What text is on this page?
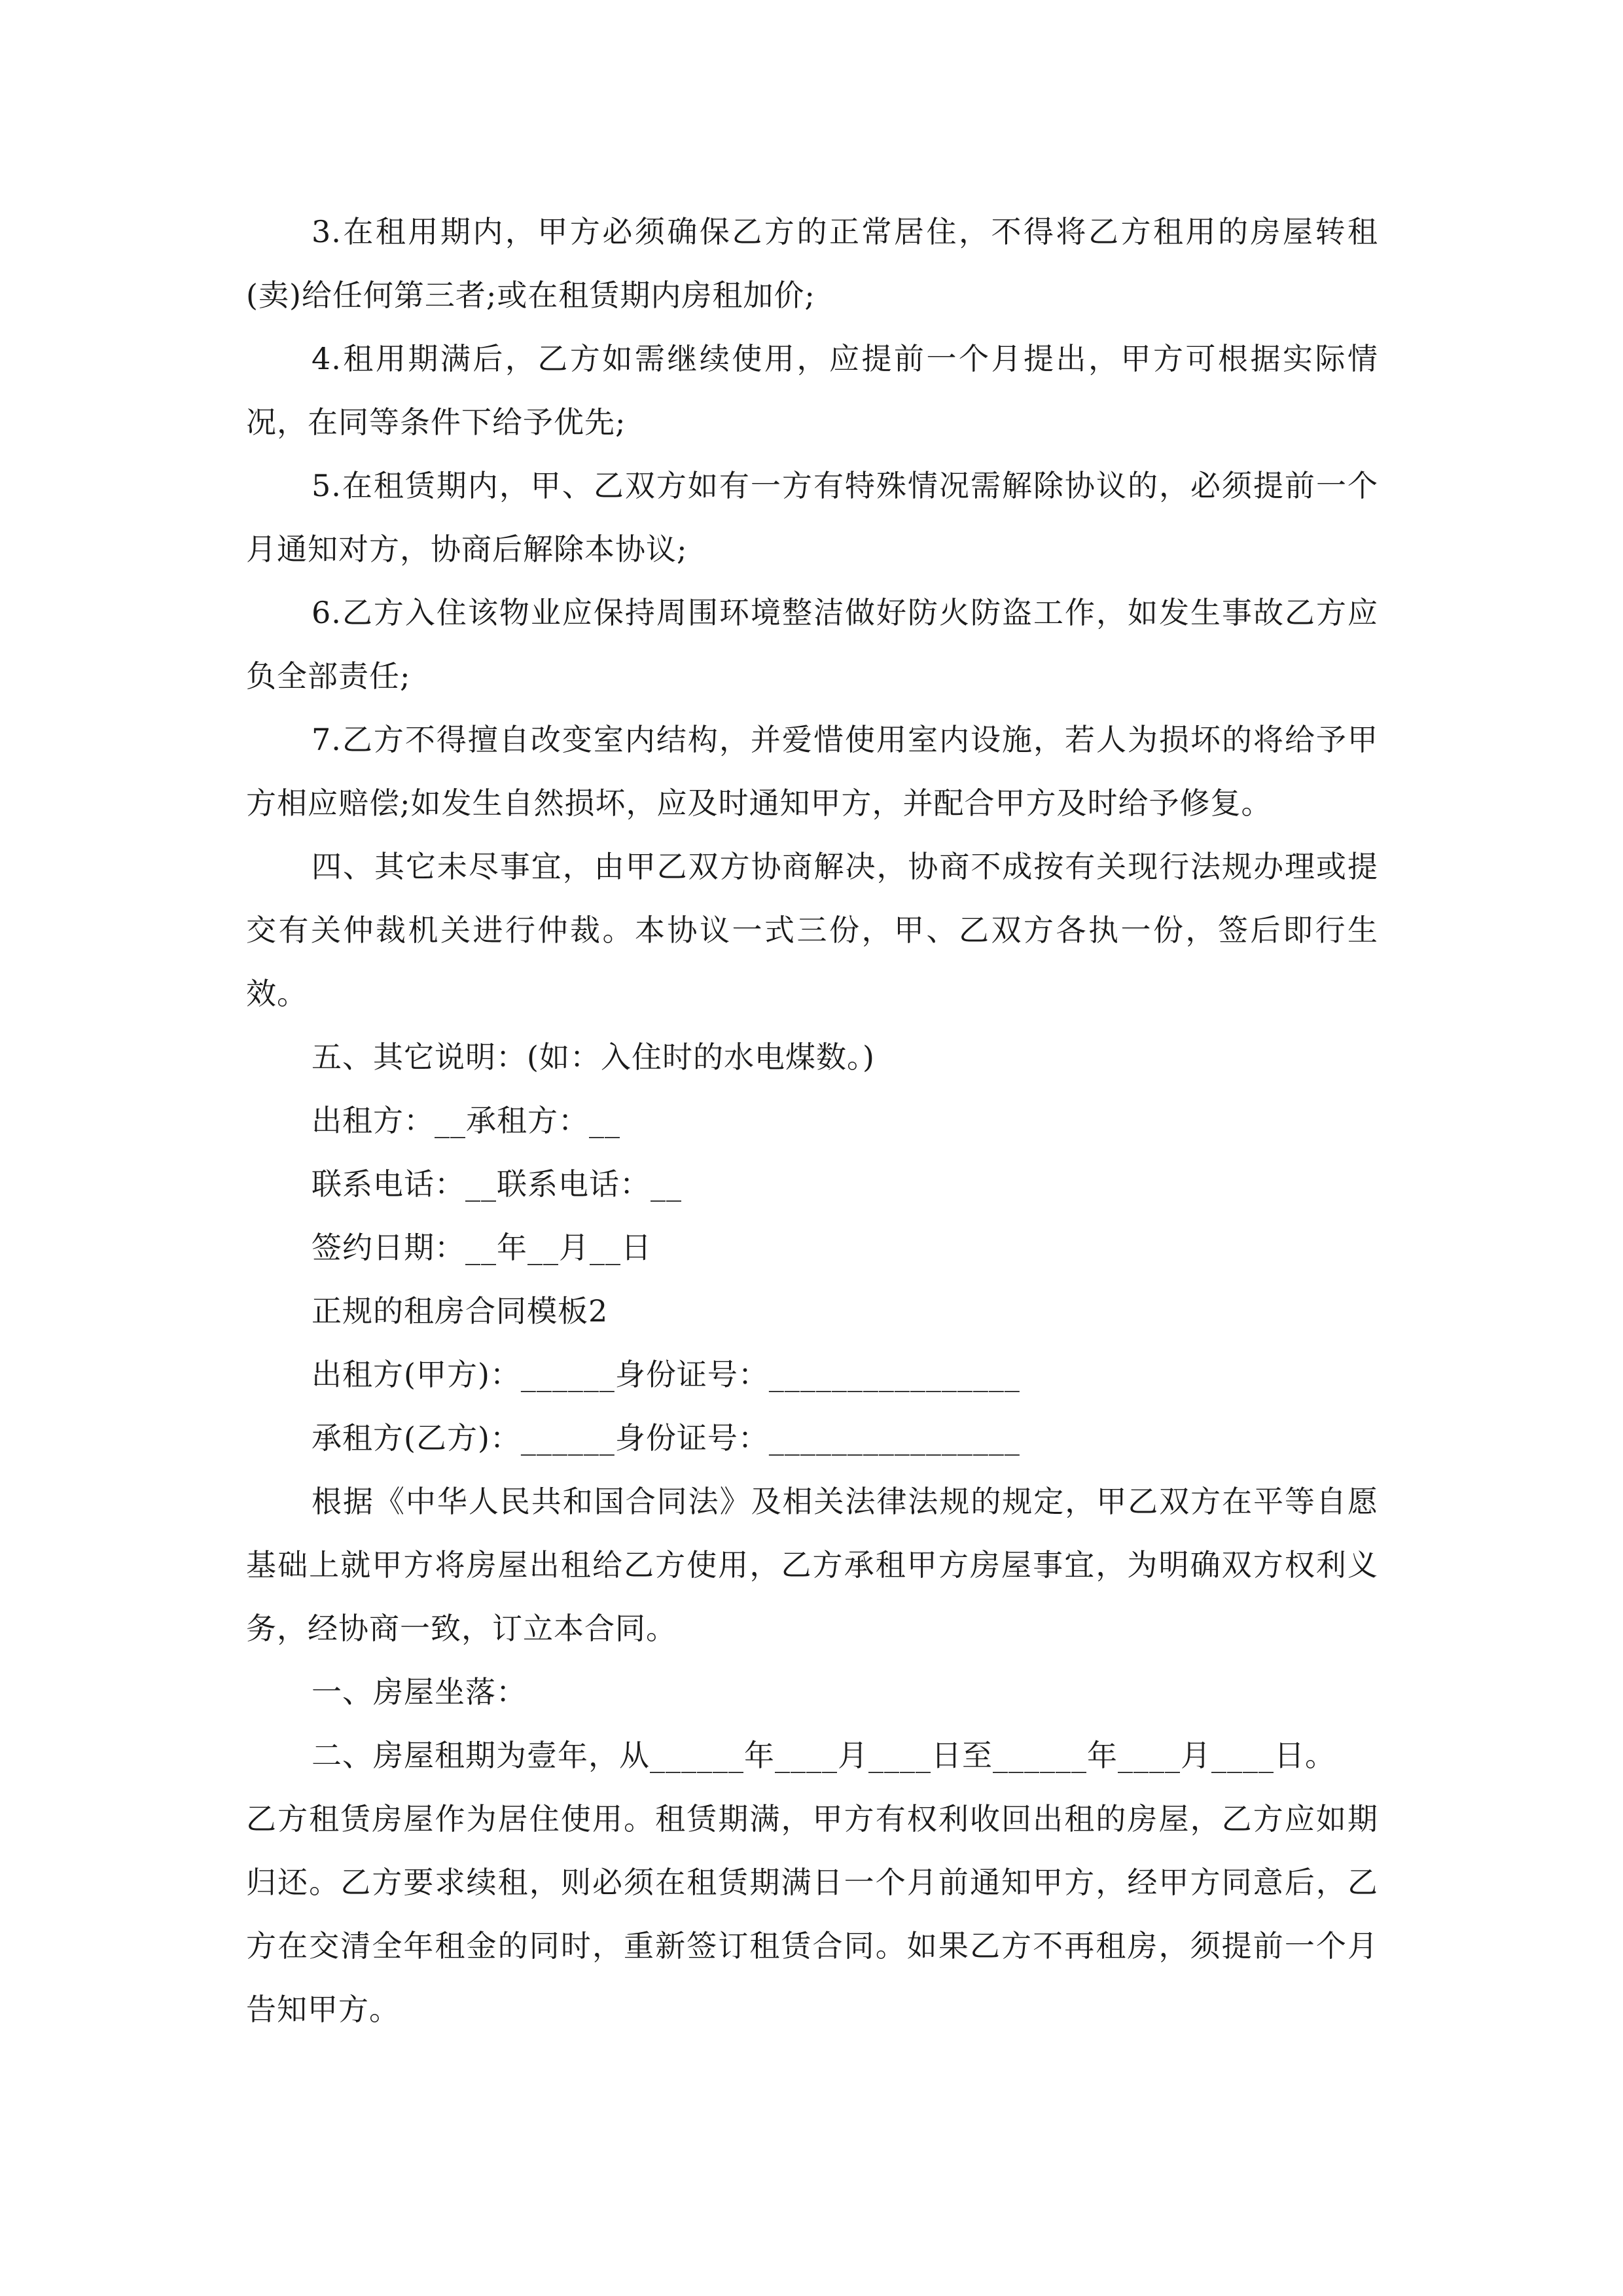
3.在租用期内，甲方必须确保乙方的正常居住，不得将乙方租用的房屋转租(卖)给任何第三者;或在租赁期内房租加价;

4.租用期满后，乙方如需继续使用，应提前一个月提出，甲方可根据实际情况，在同等条件下给予优先;

5.在租赁期内，甲、乙双方如有一方有特殊情况需解除协议的，必须提前一个月通知对方，协商后解除本协议;

6.乙方入住该物业应保持周围环境整洁做好防火防盗工作，如发生事故乙方应负全部责任;

7.乙方不得擅自改变室内结构，并爱惜使用室内设施，若人为损坏的将给予甲方相应赔偿;如发生自然损坏，应及时通知甲方，并配合甲方及时给予修复。

四、其它未尽事宜，由甲乙双方协商解决，协商不成按有关现行法规办理或提交有关仲裁机关进行仲裁。本协议一式三份，甲、乙双方各执一份，签后即行生效。

五、其它说明：(如：入住时的水电煤数。)

出租方：__承租方：__

联系电话：__联系电话：__

签约日期：__年__月__日

正规的租房合同模板2

出租方(甲方)：______身份证号：________________

承租方(乙方)：______身份证号：________________

根据《中华人民共和国合同法》及相关法律法规的规定，甲乙双方在平等自愿基础上就甲方将房屋出租给乙方使用，乙方承租甲方房屋事宜，为明确双方权利义务，经协商一致，订立本合同。

一、房屋坐落：

二、房屋租期为壹年，从______年____月____日至______年____月____日。

乙方租赁房屋作为居住使用。租赁期满，甲方有权利收回出租的房屋，乙方应如期归还。乙方要求续租，则必须在租赁期满日一个月前通知甲方，经甲方同意后，乙方在交清全年租金的同时，重新签订租赁合同。如果乙方不再租房，须提前一个月告知甲方。
